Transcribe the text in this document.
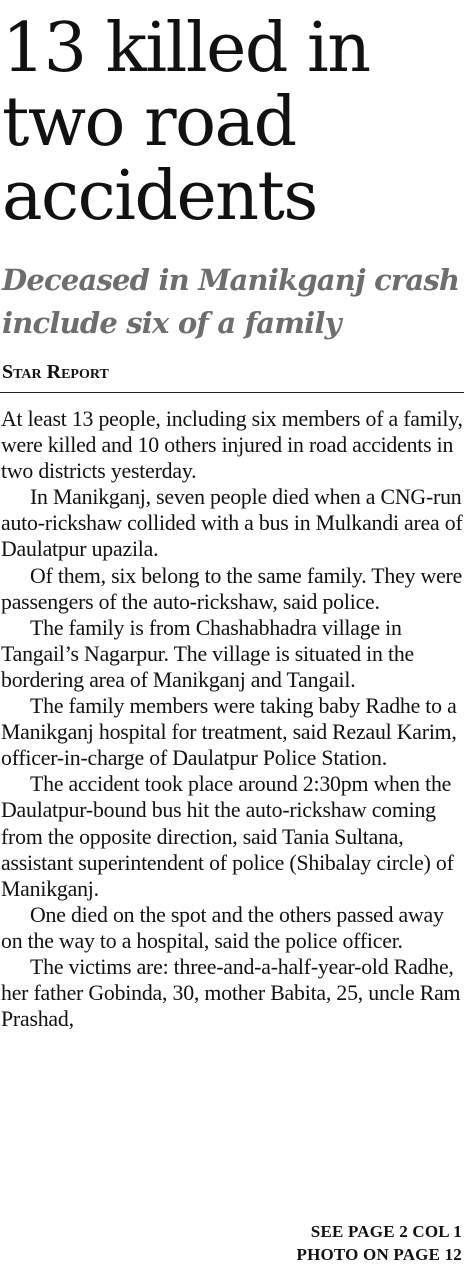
13 killed in two road accidents
Deceased in Manikganj crash include six of a family
Star Report

At least 13 people, including six members of a family, were killed and 10 others injured in road accidents in two districts yesterday.

In Manikganj, seven people died when a CNG-run auto-rickshaw collided with a bus in Mulkandi area of Daulatpur upazila.

Of them, six belong to the same family. They were passengers of the auto-rickshaw, said police.

The family is from Chashabhadra village in Tangail’s Nagarpur. The village is situated in the bordering area of Manikganj and Tangail.

The family members were taking baby Radhe to a Manikganj hospital for treatment, said Rezaul Karim, officer-in-charge of Daulatpur Police Station.

The accident took place around 2:30pm when the Daulatpur-bound bus hit the auto-rickshaw coming from the opposite direction, said Tania Sultana, assistant superintendent of police (Shibalay circle) of Manikganj.

One died on the spot and the others passed away on the way to a hospital, said the police officer.

The victims are: three-and-a-half-year-old Radhe, her father Gobinda, 30, mother Babita, 25, uncle Ram Prashad,

SEE PAGE 2 COL 1
PHOTO ON PAGE 12
